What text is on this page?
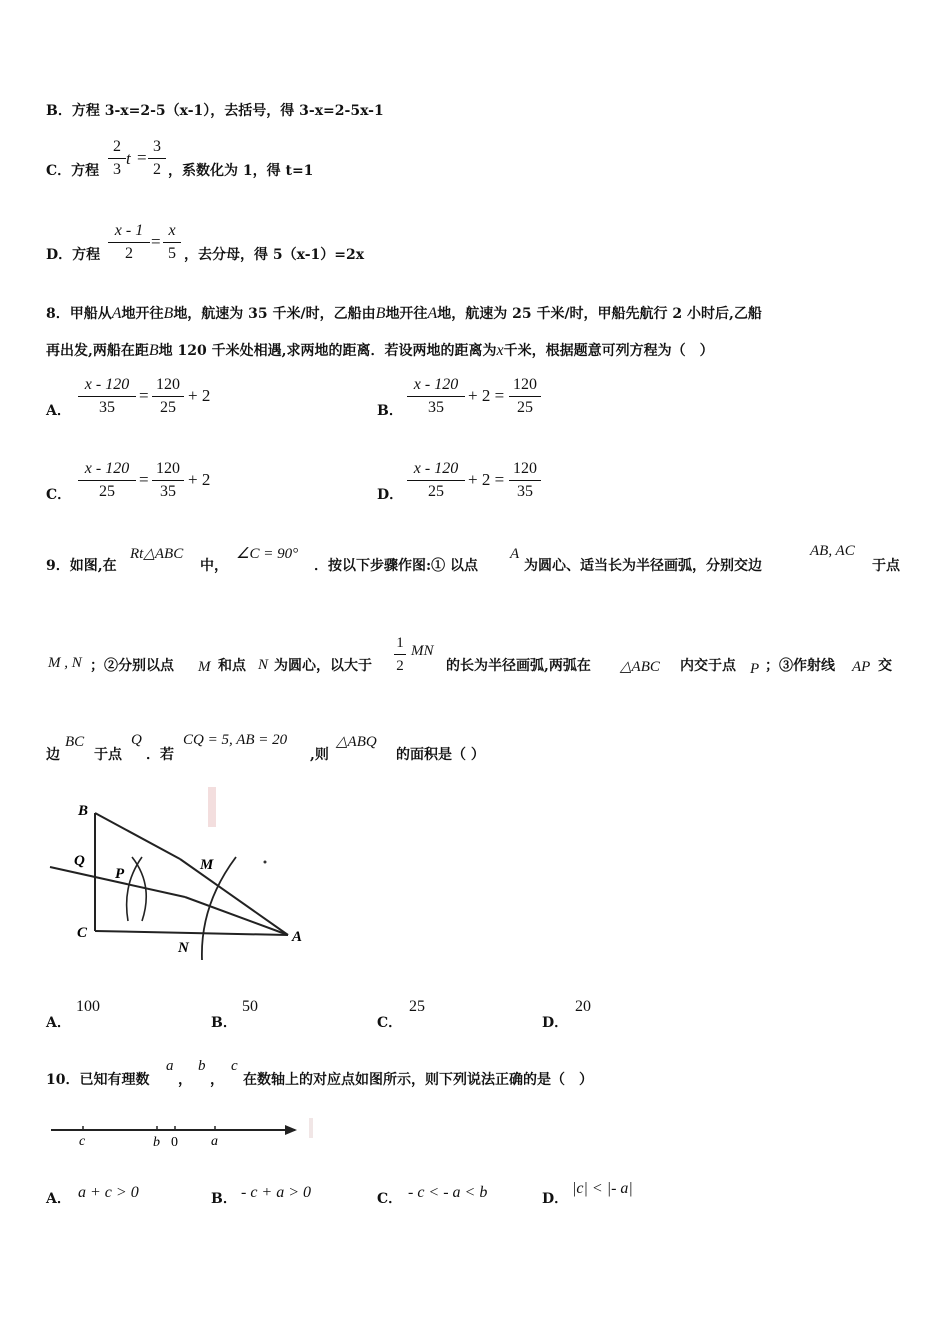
B．方程 3-x=2-5（x-1），去括号，得 3-x=2-5x-1
C．方程 $\frac{2}{3}$ $t = \frac{3}{2}$ ，系数化为 1，得 t=1
D．方程 $\frac{x - 1}{2} = \frac{x}{5}$ ，去分母，得 5（x-1）=2x
8．甲船从A地开往B地，航速为 35 千米/时，乙船由B地开往A地，航速为 25 千米/时，甲船先航行 2 小时后,乙船
再出发,两船在距B地 120 千米处相遇,求两地的距离．若设两地的距离为x千米，根据题意可列方程为（　）
A． $\frac{x - 120}{35} = \frac{120}{25} + 2$
B． $\frac{x - 120}{35} + 2 = \frac{120}{25}$
C． $\frac{x - 120}{25} = \frac{120}{35} + 2$
D． $\frac{x - 120}{25} + 2 = \frac{120}{35}$
9．如图,在
Rt△ABC
中，
∠C = 90°
．按以下步骤作图:① 以点
A
为圆心、适当长为半径画弧，分别交边
AB, AC
于点
M , N ；②分别以点 M 和点 N 为圆心，以大于 $\frac{1}{2}$ MN
的长为半径画弧,两弧在 △ABC 内交于点 P ；③作射线 AP 交
边
BC
于点
Q
．若
CQ = 5, AB = 20
,则
△ABQ
的面积是（ ）
B
Q
C
P
M
N
A
A．
100
B．
50
C．
25
D．
20
10．已知有理数
a
，
b
，
c
在数轴上的对应点如图所示，则下列说法正确的是（　）
c	b 0 a
A． a + c > 0	B． - c + a > 0	C． - c < - a < b	D．
|c| < |- a|
